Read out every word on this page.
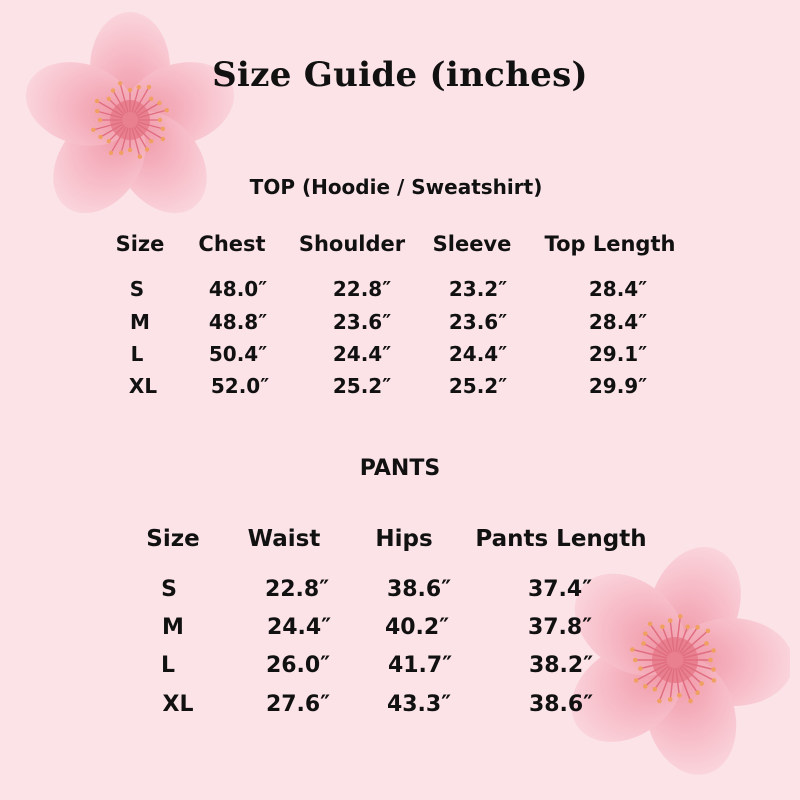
Size Guide (inches)
TOP (Hoodie / Sweatshirt)
Size Chest Shoulder Sleeve Top Length
S	48.0″	22.8″	23.2″	28.4″
M	48.8″	23.6″	23.6″	28.4″
L	50.4″	24.4″	24.4″	29.1″
XL	52.0″	25.2″	25.2″	29.9″
PANTS
Size Waist Hips Pants Length
S	22.8″	38.6″	37.4″
M	24.4″ 40.2″	37.8″
L	26.0″	41.7″	38.2″
XL	27.6″	43.3″	38.6″
